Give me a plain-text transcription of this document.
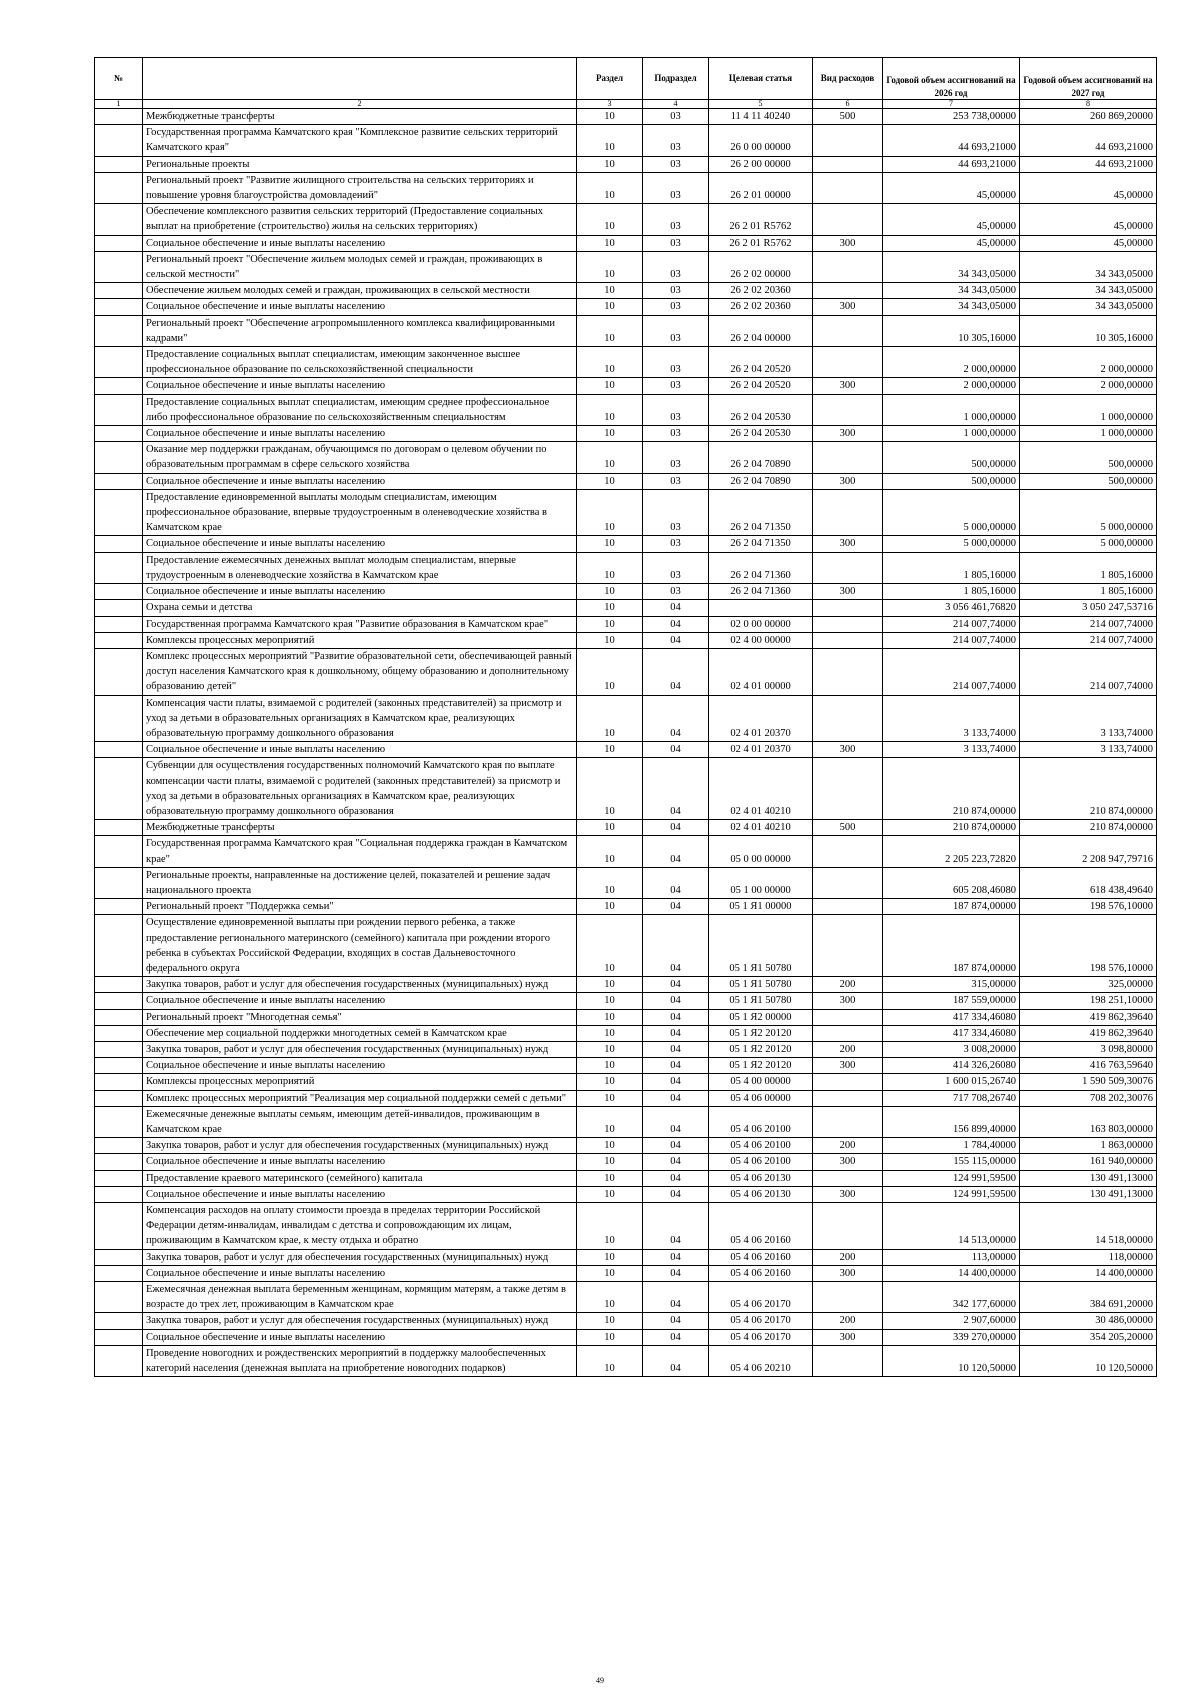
№		Раздел	Подраздел	Целевая статья	Вид расходов	Годовой объем ассигнований на 2026 год	Годовой объем ассигнований на 2027 год
1	2	3	4	5	6	7	8
	Межбюджетные трансферты	10	03	11 4 11 40240	500	253 738,00000	260 869,20000
	Государственная программа Камчатского края "Комплексное развитие сельских территорий Камчатского края"	10	03	26 0 00 00000		44 693,21000	44 693,21000
	Региональные проекты	10	03	26 2 00 00000		44 693,21000	44 693,21000
	Региональный проект "Развитие жилищного строительства на сельских территориях и повышение уровня благоустройства домовладений"	10	03	26 2 01 00000		45,00000	45,00000
	Обеспечение комплексного развития сельских территорий (Предоставление социальных выплат на приобретение (строительство) жилья на сельских территориях)	10	03	26 2 01 R5762		45,00000	45,00000
	Социальное обеспечение и иные выплаты населению	10	03	26 2 01 R5762	300	45,00000	45,00000
	Региональный проект "Обеспечение жильем молодых семей и граждан, проживающих в сельской местности"	10	03	26 2 02 00000		34 343,05000	34 343,05000
	Обеспечение жильем молодых семей и граждан, проживающих в сельской местности	10	03	26 2 02 20360		34 343,05000	34 343,05000
	Социальное обеспечение и иные выплаты населению	10	03	26 2 02 20360	300	34 343,05000	34 343,05000
	Региональный проект "Обеспечение агропромышленного комплекса квалифицированными кадрами"	10	03	26 2 04 00000		10 305,16000	10 305,16000
	Предоставление социальных выплат специалистам, имеющим законченное высшее профессиональное образование по сельскохозяйственной специальности	10	03	26 2 04 20520		2 000,00000	2 000,00000
	Социальное обеспечение и иные выплаты населению	10	03	26 2 04 20520	300	2 000,00000	2 000,00000
	Предоставление социальных выплат специалистам, имеющим среднее профессиональное либо профессиональное образование по сельскохозяйственным специальностям	10	03	26 2 04 20530		1 000,00000	1 000,00000
	Социальное обеспечение и иные выплаты населению	10	03	26 2 04 20530	300	1 000,00000	1 000,00000
	Оказание мер поддержки гражданам, обучающимся по договорам о целевом обучении по образовательным программам в сфере сельского хозяйства	10	03	26 2 04 70890		500,00000	500,00000
	Социальное обеспечение и иные выплаты населению	10	03	26 2 04 70890	300	500,00000	500,00000
	Предоставление единовременной выплаты молодым специалистам, имеющим профессиональное образование, впервые трудоустроенным в оленеводческие хозяйства в Камчатском крае	10	03	26 2 04 71350		5 000,00000	5 000,00000
	Социальное обеспечение и иные выплаты населению	10	03	26 2 04 71350	300	5 000,00000	5 000,00000
	Предоставление ежемесячных денежных выплат молодым специалистам, впервые трудоустроенным в оленеводческие хозяйства в Камчатском крае	10	03	26 2 04 71360		1 805,16000	1 805,16000
	Социальное обеспечение и иные выплаты населению	10	03	26 2 04 71360	300	1 805,16000	1 805,16000
	Охрана семьи и детства	10	04			3 056 461,76820	3 050 247,53716
	Государственная программа Камчатского края "Развитие образования в Камчатском крае"	10	04	02 0 00 00000		214 007,74000	214 007,74000
	Комплексы процессных мероприятий	10	04	02 4 00 00000		214 007,74000	214 007,74000
	Комплекс процессных мероприятий "Развитие образовательной сети, обеспечивающей равный доступ населения Камчатского края к дошкольному, общему образованию и дополнительному образованию детей"	10	04	02 4 01 00000		214 007,74000	214 007,74000
	Компенсация части платы, взимаемой с родителей (законных представителей) за присмотр и уход за детьми в образовательных организациях в Камчатском крае, реализующих образовательную программу дошкольного образования	10	04	02 4 01 20370		3 133,74000	3 133,74000
	Социальное обеспечение и иные выплаты населению	10	04	02 4 01 20370	300	3 133,74000	3 133,74000
	Субвенции для осуществления государственных полномочий Камчатского края по выплате компенсации части платы, взимаемой с родителей (законных представителей) за присмотр и уход за детьми в образовательных организациях в Камчатском крае, реализующих образовательную программу дошкольного образования	10	04	02 4 01 40210		210 874,00000	210 874,00000
	Межбюджетные трансферты	10	04	02 4 01 40210	500	210 874,00000	210 874,00000
	Государственная программа Камчатского края "Социальная поддержка граждан в Камчатском крае"	10	04	05 0 00 00000		2 205 223,72820	2 208 947,79716
	Региональные проекты, направленные на достижение целей, показателей и решение задач национального проекта	10	04	05 1 00 00000		605 208,46080	618 438,49640
	Региональный проект "Поддержка семьи"	10	04	05 1 Я1 00000		187 874,00000	198 576,10000
	Осуществление единовременной выплаты при рождении первого ребенка, а также предоставление регионального материнского (семейного) капитала при рождении второго ребенка в субъектах Российской Федерации, входящих в состав Дальневосточного федерального округа	10	04	05 1 Я1 50780		187 874,00000	198 576,10000
	Закупка товаров, работ и услуг для обеспечения государственных (муниципальных) нужд	10	04	05 1 Я1 50780	200	315,00000	325,00000
	Социальное обеспечение и иные выплаты населению	10	04	05 1 Я1 50780	300	187 559,00000	198 251,10000
	Региональный проект "Многодетная семья"	10	04	05 1 Я2 00000		417 334,46080	419 862,39640
	Обеспечение мер социальной поддержки многодетных семей в Камчатском крае	10	04	05 1 Я2 20120		417 334,46080	419 862,39640
	Закупка товаров, работ и услуг для обеспечения государственных (муниципальных) нужд	10	04	05 1 Я2 20120	200	3 008,20000	3 098,80000
	Социальное обеспечение и иные выплаты населению	10	04	05 1 Я2 20120	300	414 326,26080	416 763,59640
	Комплексы процессных мероприятий	10	04	05 4 00 00000		1 600 015,26740	1 590 509,30076
	Комплекс процессных мероприятий "Реализация мер социальной поддержки семей с детьми"	10	04	05 4 06 00000		717 708,26740	708 202,30076
	Ежемесячные денежные выплаты семьям, имеющим детей-инвалидов, проживающим в Камчатском крае	10	04	05 4 06 20100		156 899,40000	163 803,00000
	Закупка товаров, работ и услуг для обеспечения государственных (муниципальных) нужд	10	04	05 4 06 20100	200	1 784,40000	1 863,00000
	Социальное обеспечение и иные выплаты населению	10	04	05 4 06 20100	300	155 115,00000	161 940,00000
	Предоставление краевого материнского (семейного) капитала	10	04	05 4 06 20130		124 991,59500	130 491,13000
	Социальное обеспечение и иные выплаты населению	10	04	05 4 06 20130	300	124 991,59500	130 491,13000
	Компенсация расходов на оплату стоимости проезда в пределах территории Российской Федерации детям-инвалидам, инвалидам с детства и сопровождающим их лицам, проживающим в Камчатском крае, к месту отдыха и обратно	10	04	05 4 06 20160		14 513,00000	14 518,00000
	Закупка товаров, работ и услуг для обеспечения государственных (муниципальных) нужд	10	04	05 4 06 20160	200	113,00000	118,00000
	Социальное обеспечение и иные выплаты населению	10	04	05 4 06 20160	300	14 400,00000	14 400,00000
	Ежемесячная денежная выплата беременным женщинам, кормящим матерям, а также детям в возрасте до трех лет, проживающим в Камчатском крае	10	04	05 4 06 20170		342 177,60000	384 691,20000
	Закупка товаров, работ и услуг для обеспечения государственных (муниципальных) нужд	10	04	05 4 06 20170	200	2 907,60000	30 486,00000
	Социальное обеспечение и иные выплаты населению	10	04	05 4 06 20170	300	339 270,00000	354 205,20000
	Проведение новогодних и рождественских мероприятий в поддержку малообеспеченных категорий населения (денежная выплата на приобретение новогодних подарков)	10	04	05 4 06 20210		10 120,50000	10 120,50000
49
